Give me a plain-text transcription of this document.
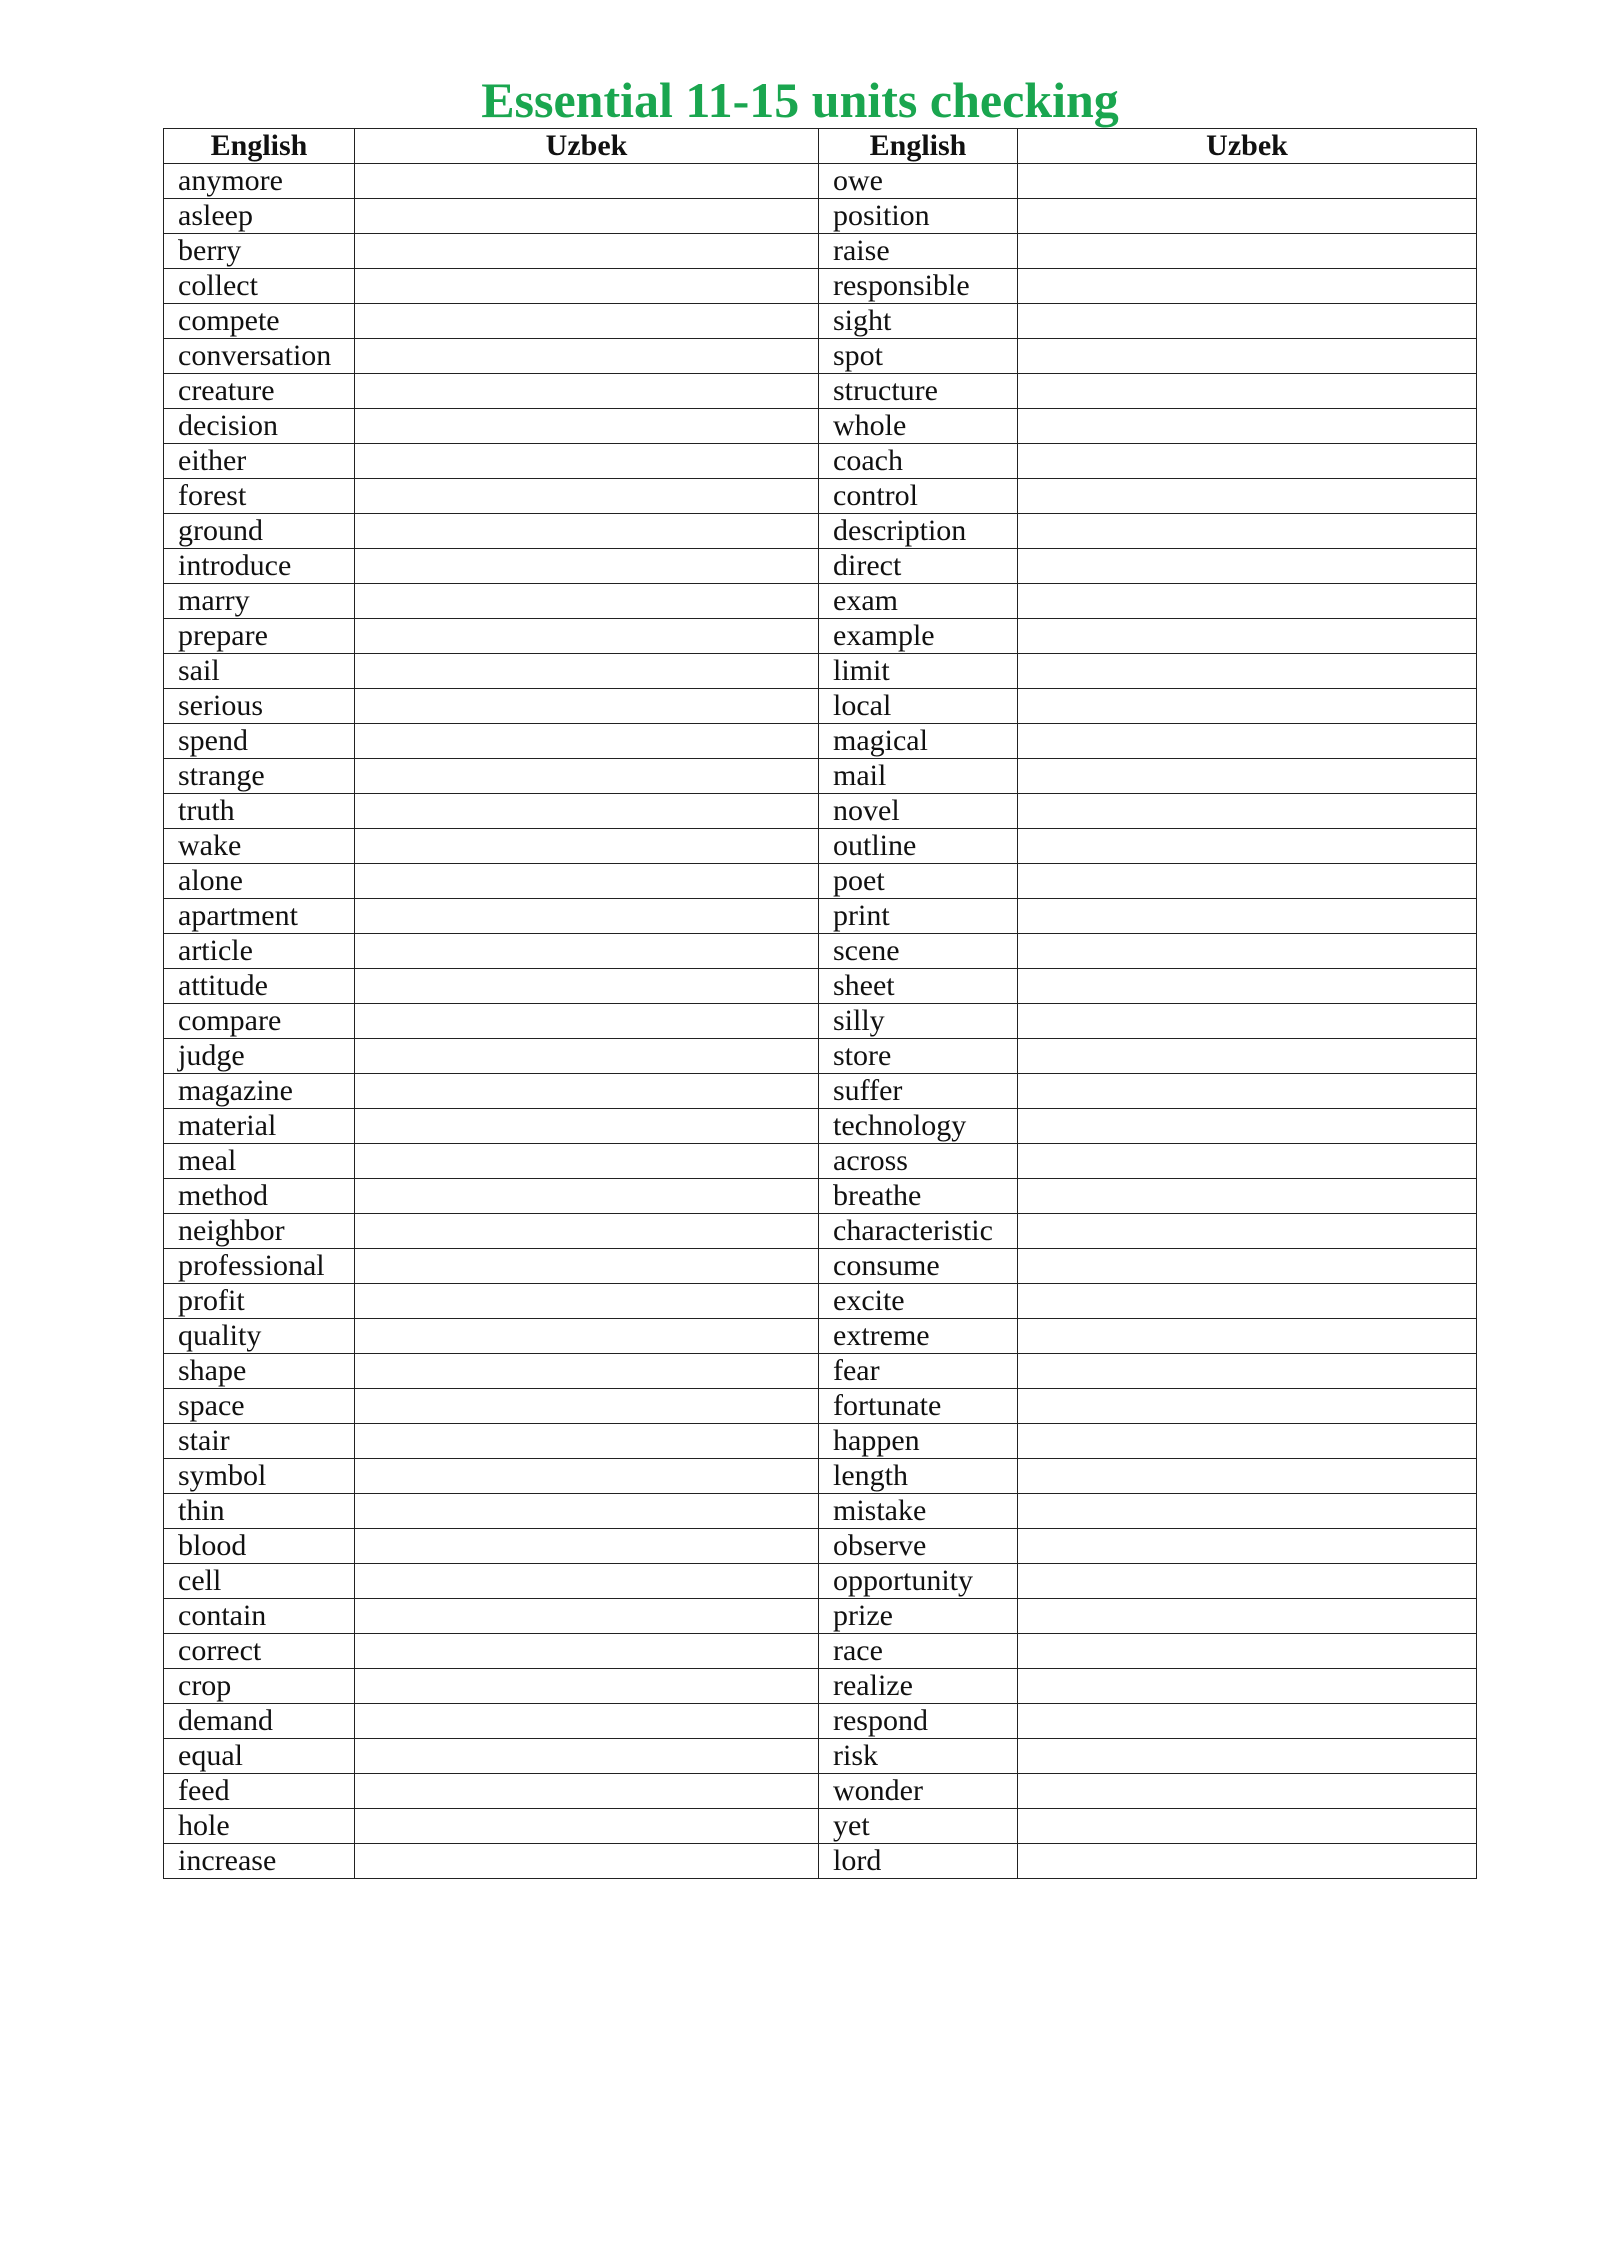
Essential 11-15 units checking
English	Uzbek	English	Uzbek
anymore		owe	
asleep		position	
berry		raise	
collect		responsible	
compete		sight	
conversation		spot	
creature		structure	
decision		whole	
either		coach	
forest		control	
ground		description	
introduce		direct	
marry		exam	
prepare		example	
sail		limit	
serious		local	
spend		magical	
strange		mail	
truth		novel	
wake		outline	
alone		poet	
apartment		print	
article		scene	
attitude		sheet	
compare		silly	
judge		store	
magazine		suffer	
material		technology	
meal		across	
method		breathe	
neighbor		characteristic	
professional		consume	
profit		excite	
quality		extreme	
shape		fear	
space		fortunate	
stair		happen	
symbol		length	
thin		mistake	
blood		observe	
cell		opportunity	
contain		prize	
correct		race	
crop		realize	
demand		respond	
equal		risk	
feed		wonder	
hole		yet	
increase		lord	
